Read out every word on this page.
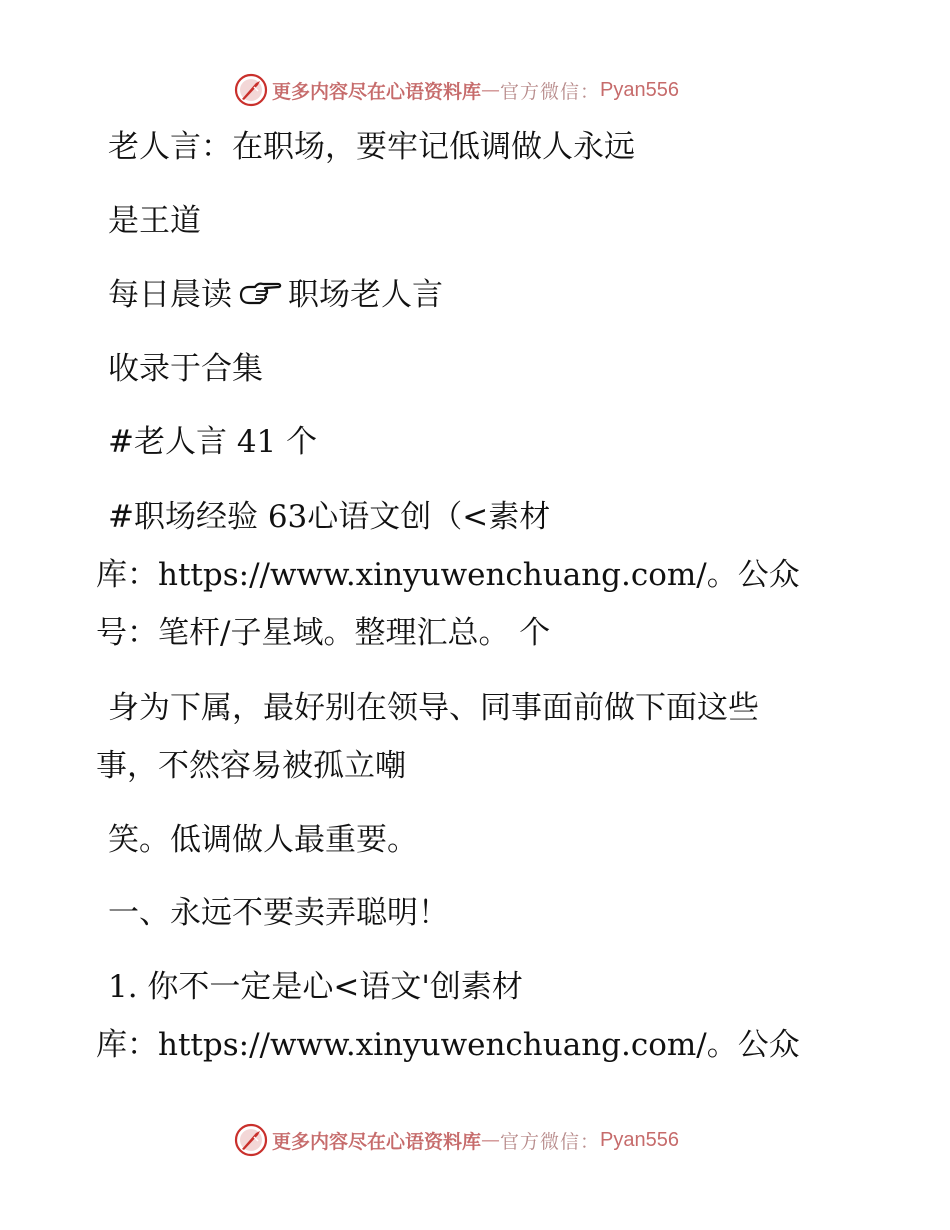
更多内容尽在心语资料库 — 官方微信： Pyan556
老人言：在职场，要牢记低调做人永远
是王道
每日晨读 职场老人言
收录于合集
#老人言 41 个
#职场经验 63心语文创（<素材
库：https://www.xinyuwenchuang.com/。公众
号：笔杆/子星域。整理汇总。 个
身为下属，最好别在领导、同事面前做下面这些
事，不然容易被孤立嘲
笑。低调做人最重要。
一、永远不要卖弄聪明！
1. 你不一定是心<语文'创素材
库：https://www.xinyuwenchuang.com/。公众
更多内容尽在心语资料库 — 官方微信： Pyan556
